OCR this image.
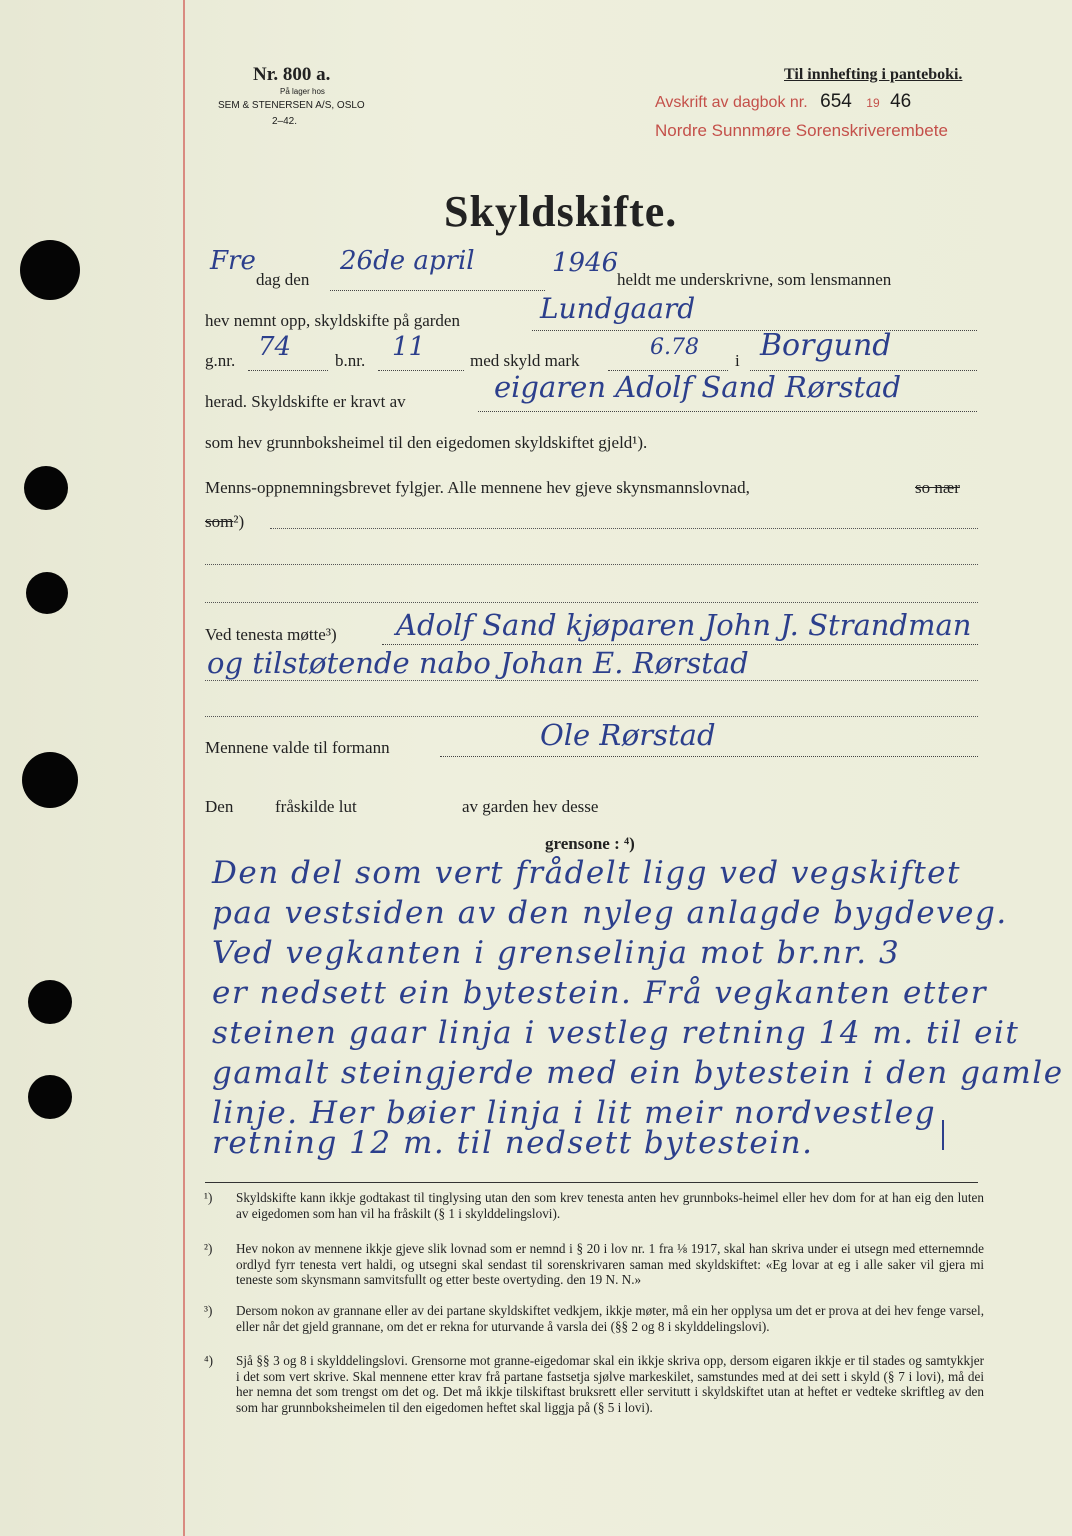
Nr. 800 a.
På lager hos
SEM & STENERSEN A/S, OSLO
2–42.
Til innhefting i panteboki.
Avskrift av dagbok nr. 654 19 46
Nordre Sunnmøre Sorenskriverembete
Skyldskifte.
Fre
dag den
26de april	1946
heldt me underskrivne, som lensmannen
hev nemnt opp, skyldskifte på garden	Lundgaard
g.nr. 74	b.nr. 11	med skyld mark
6.78
i Borgund
herad. Skyldskifte er kravt av	eigaren Adolf Sand Rørstad
som hev grunnboksheimel til den eigedomen skyldskiftet gjeld¹).
Menns-oppnemningsbrevet fylgjer. Alle mennene hev gjeve skynsmannslovnad,	so nær
som²)
Ved tenesta møtte³) Adolf Sand kjøparen John J. Strandman
og tilstøtende nabo Johan E. Rørstad
Mennene valde til formann	Ole Rørstad
Den fråskilde lut	av garden hev desse
grensone : ⁴)
Den del som vert frådelt ligg ved vegskiftet
paa vestsiden av den nyleg anlagde bygdeveg.
Ved vegkanten i grenselinja mot br.nr. 3
er nedsett ein bytestein. Frå vegkanten etter
steinen gaar linja i vestleg retning 14 m. til eit
gamalt steingjerde med ein bytestein i den gamle
linje. Her bøier linja i lit meir nordvestleg
retning 12 m. til nedsett bytestein.
¹) Skyldskifte kann ikkje godtakast til tinglysing utan den som krev tenesta anten hev grunnboks-heimel eller hev dom for at han eig den luten av eigedomen som han vil ha fråskilt (§ 1 i skylddelingslovi).
²) Hev nokon av mennene ikkje gjeve slik lovnad som er nemnd i § 20 i lov nr. 1 fra ⅛ 1917, skal han skriva under ei utsegn med etternemnde ordlyd fyrr tenesta vert haldi, og utsegni skal sendast til sorenskrivaren saman med skyldskiftet: «Eg lovar at eg i alle saker vil gjera mi teneste som skynsmann samvitsfullt og etter beste overtyding. den 19 N. N.»
³) Dersom nokon av grannane eller av dei partane skyldskiftet vedkjem, ikkje møter, må ein her opplysa um det er prova at dei hev fenge varsel, eller når det gjeld grannane, om det er rekna for uturvande å varsla dei (§§ 2 og 8 i skylddelingslovi).
⁴) Sjå §§ 3 og 8 i skylddelingslovi. Grensorne mot granne-eigedomar skal ein ikkje skriva opp, dersom eigaren ikkje er til stades og samtykkjer i det som vert skrive. Skal mennene etter krav frå partane fastsetja sjølve markeskilet, samstundes med at dei sett i skyld (§ 7 i lovi), må dei her nemna det som trengst om det og. Det må ikkje tilskiftast bruksrett eller servitutt i skyldskiftet utan at heftet er vedteke skriftleg av den som har grunnboksheimelen til den eigedomen heftet skal liggja på (§ 5 i lovi).
